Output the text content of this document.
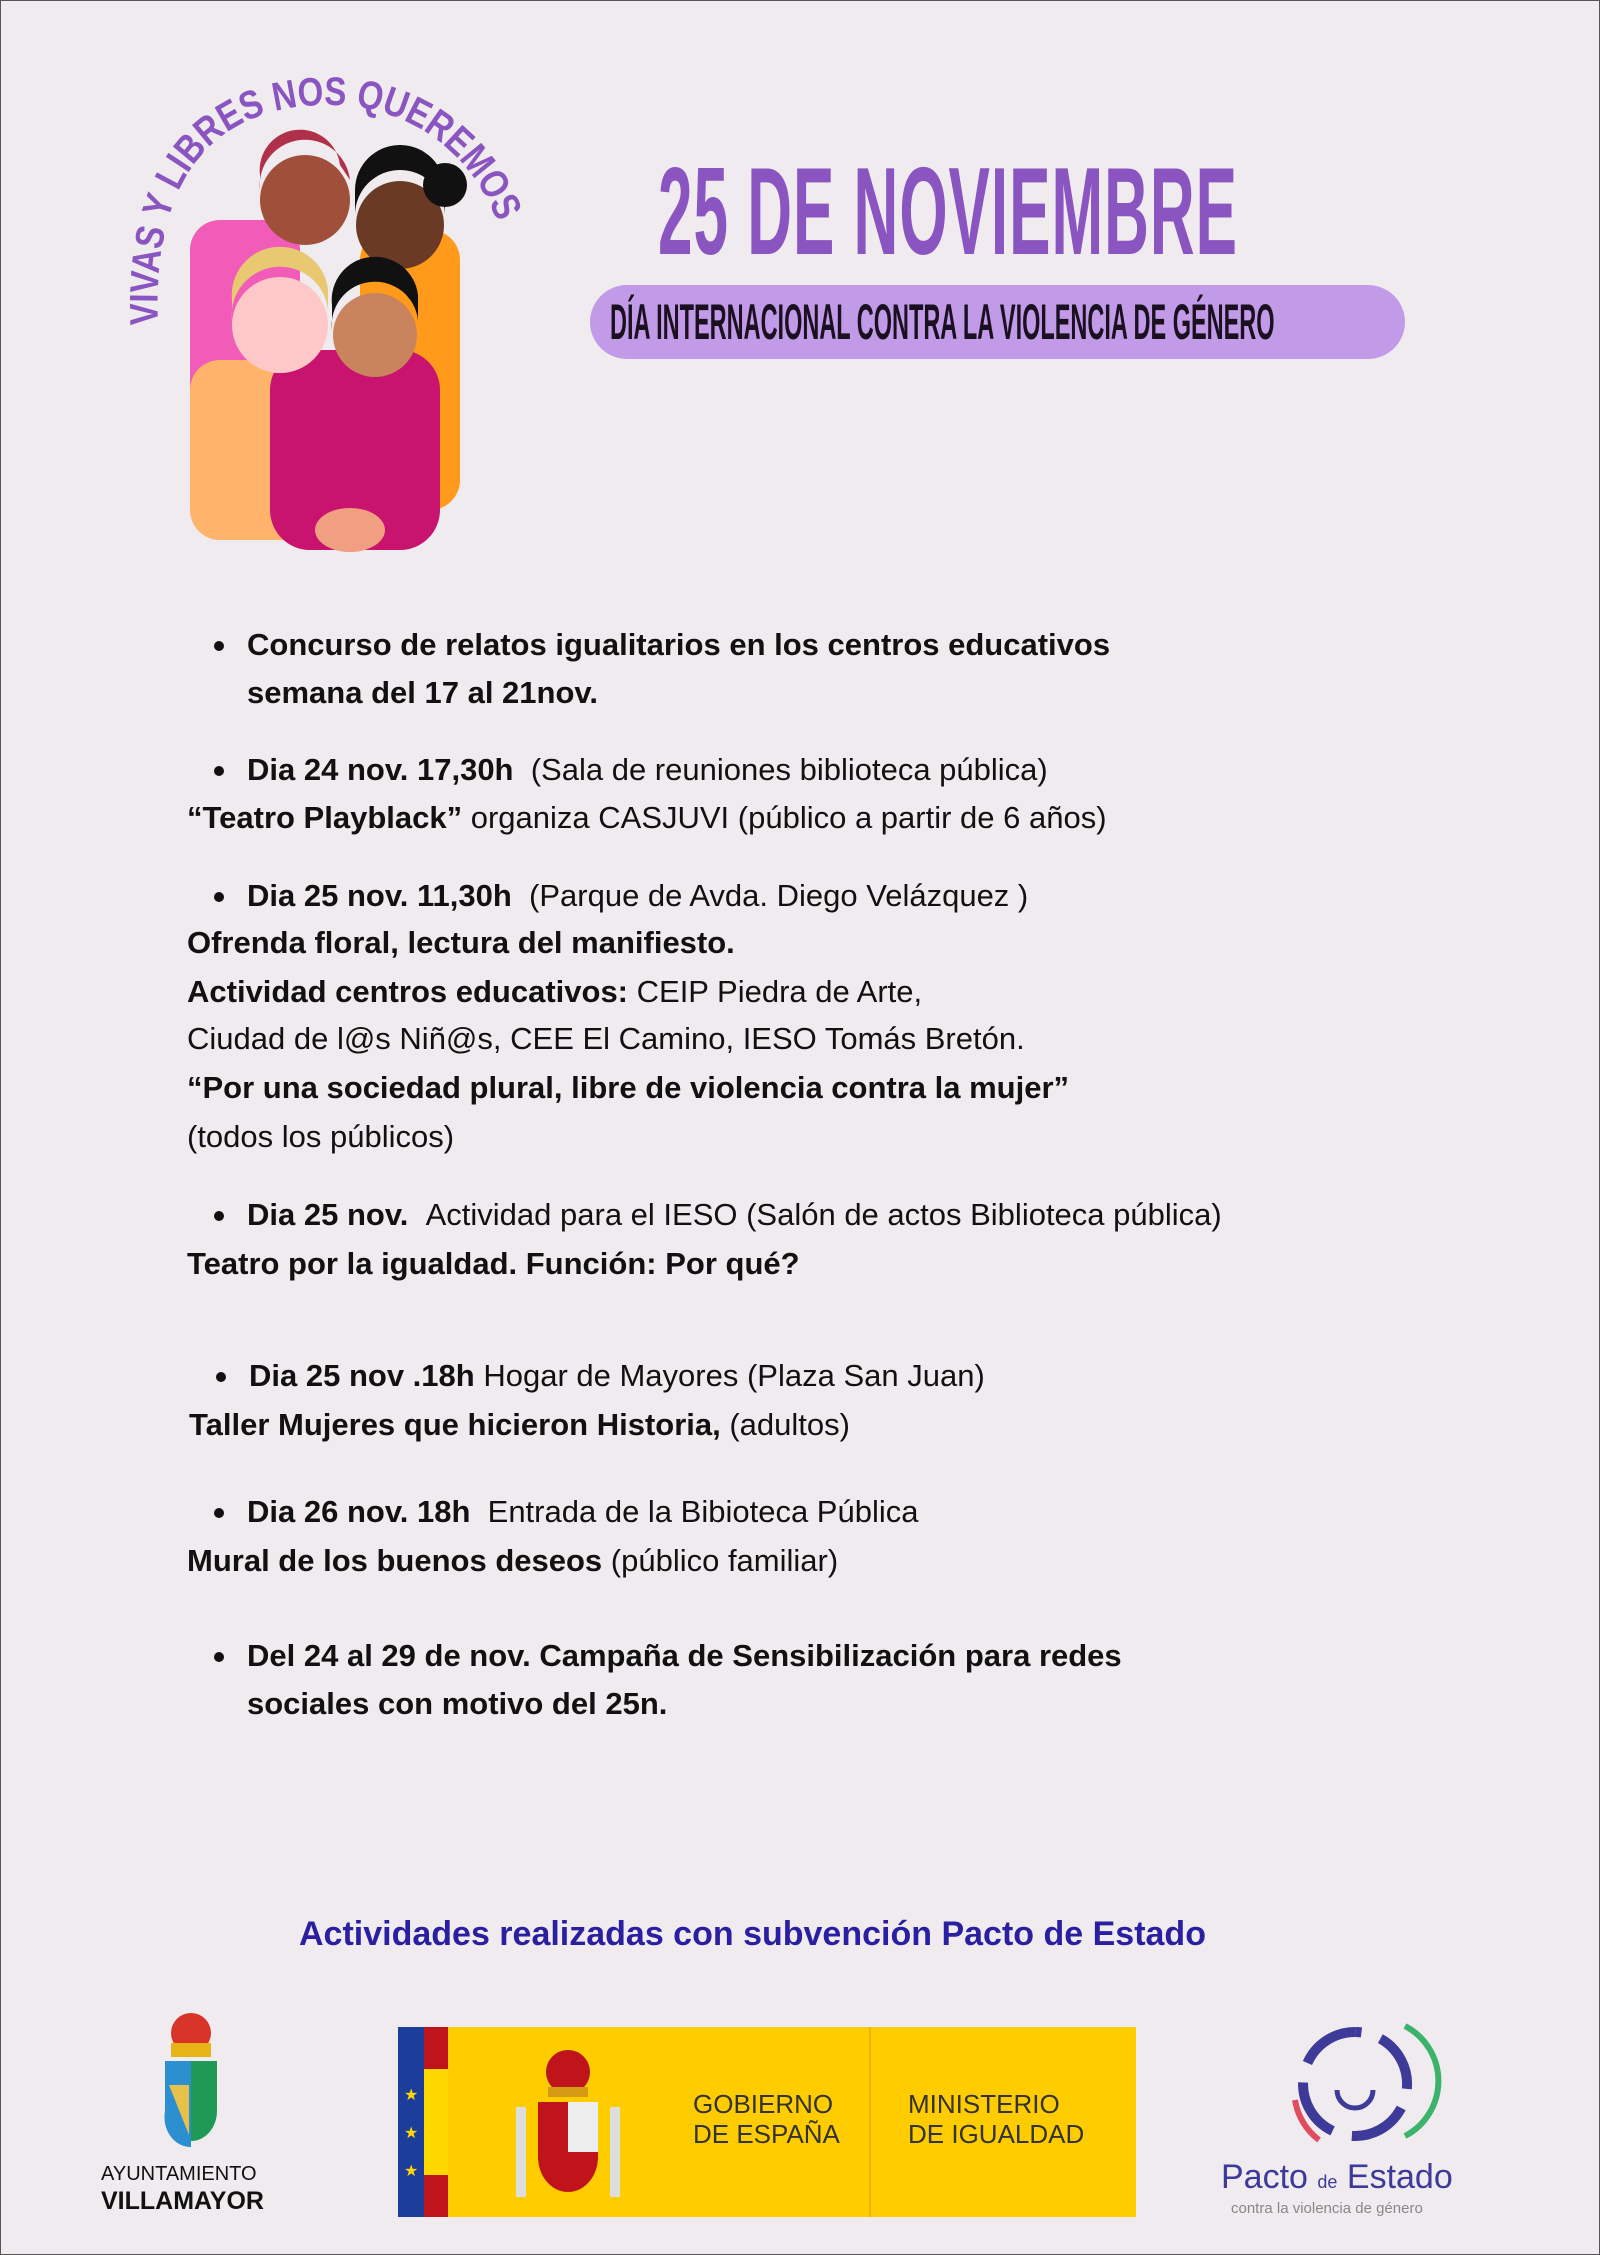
VIVAS Y LIBRES NOS QUEREMOS 25 DE NOVIEMBRE
DÍA INTERNACIONAL CONTRA LA VIOLENCIA DE GÉNERO
Concurso de relatos igualitarios en los centros educativos
semana del 17 al 21nov.
Dia 24 nov. 17,30h (Sala de reuniones biblioteca pública)
“Teatro Playblack” organiza CASJUVI (público a partir de 6 años)
Dia 25 nov. 11,30h (Parque de Avda. Diego Velázquez )
Ofrenda floral, lectura del manifiesto.
Actividad centros educativos: CEIP Piedra de Arte,
Ciudad de l@s Niñ@s, CEE El Camino, IESO Tomás Bretón.
“Por una sociedad plural, libre de violencia contra la mujer”
(todos los públicos)
Dia 25 nov. Actividad para el IESO (Salón de actos Biblioteca pública)
Teatro por la igualdad. Función: Por qué?
Dia 25 nov .18h Hogar de Mayores (Plaza San Juan)
Taller Mujeres que hicieron Historia, (adultos)
Dia 26 nov. 18h Entrada de la Bibioteca Pública
Mural de los buenos deseos (público familiar)
Del 24 al 29 de nov. Campaña de Sensibilización para redes
sociales con motivo del 25n.
Actividades realizadas con subvención Pacto de Estado
AYUNTAMIENTO
VILLAMAYOR
★
★
★
GOBIERNO
DE ESPAÑA
MINISTERIO
DE IGUALDAD
Pacto de Estado
contra la violencia de género
